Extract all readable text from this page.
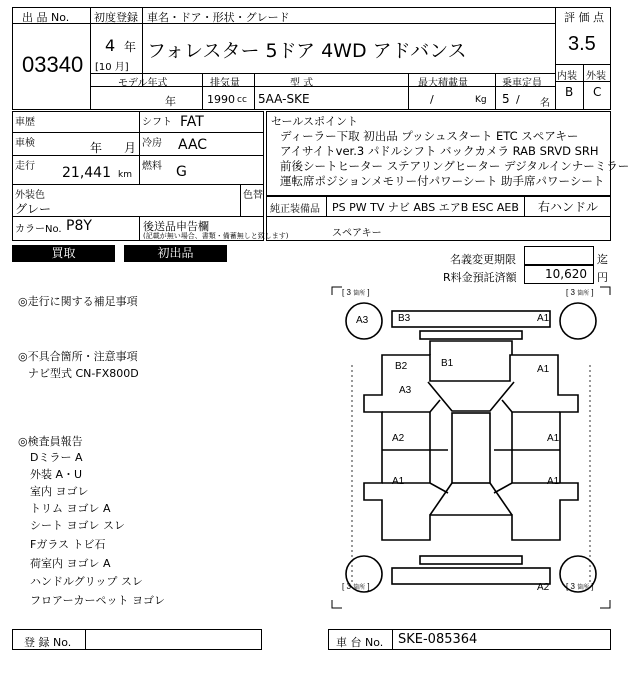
出 品 No.
03340
初度登録
4 年
[10 月]
車名・ドア・形状・グレード
フォレスター 5ドア 4WD アドバンス
評 価 点
3.5
内装 外装
B C
モデル年式	排気量	型 式	最大積載量	乗車定員
年	1990 cc 5AA-SKE	/	Kg 5 / 名
車歴	シフト FAT
車検	年 月 冷房 AAC
走行 21,441 km
燃料 G
外装色
グレー
色替
カラーNo. P8Y	後送品申告欄
(記載が無い場合、書類・備蓄無しと致します)
セールスポイント
ディーラー下取 初出品 プッシュスタート ETC スペアキー
アイサイトver.3 パドルシフト バックカメラ RAB SRVD SRH
前後シートヒーター ステアリングヒーター デジタルインナーミラー
運転席ポジションメモリー付パワーシート 助手席パワーシート
純正装備品 PS PW TV ナビ ABS エアB ESC AEB 右ハンドル
スペアキー
買取	初出品	名義変更期限	迄
R料金預託済額 10,620 円
◎走行に関する補足事項
◎不具合箇所・注意事項
ナビ型式 CN-FX800D
◎検査員報告
Dミラー A
外装 A・U
室内 ヨゴレ
トリム ヨゴレ A
シート ヨゴレ スレ
Fガラス トビ石
荷室内 ヨゴレ A
ハンドルグリップ スレ
フロアーカーペット ヨゴレ
[ 3 箇所 ]	[ 3 箇所 ]
[ 3 箇所 ]	[ 3 箇所 ]
A3	B3	A1
A1
B2	B1
A3
A2	A1
A1	A1
A2
登 録 No.	車 台 No. SKE-085364
